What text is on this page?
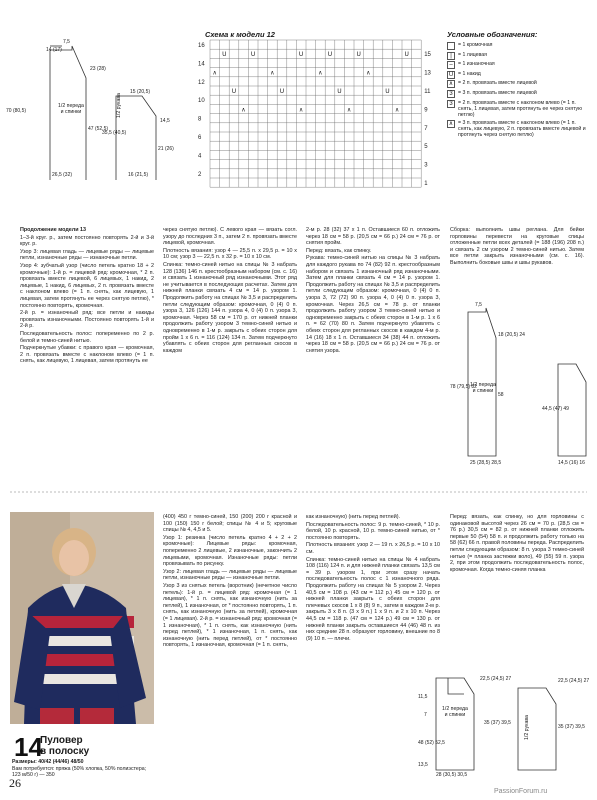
7,5
14 (17)
23 (28)
70 (80,5)
47 (52,5)
26,5 (32)
15 (20,5)
14,5
35,5 (40,5)
21 (26)
16 (21,5)
1/2 переда и спинки	1/2 рукава
Схема к модели 12
16
14
12
10
8
6
4
2
15
13
11
9
7
5
3
1
U	U	U	U	U	U
∧	∧	∧	∧
U	U	U	U
∧	∧	∧	∧
Условные обозначения:
= 1 кромочная
|	= 1 лицевая
–	= 1 изнаночная
U = 1 накид
∧ = 2 п. провязать вместе лицевой
3	= 3 п. провязать вместе лицевой
3	= 2 п. провязать вместе с наклоном влево (= 1 п. снять, 1 лицевая, затем протянуть ее через снятую петлю)
∧ = 3 п. провязать вместе с наклоном влево (= 1 п. снять, как лицевую, 2 п. провязать вместе лицевой и протянуть через снятую петлю)

Продолжение модели 13

1–3-й круг. р., затем постоянно повторять 2-й и 3-й круг. р.

Узор 3: лицевая гладь — лицевые ряды — лицевые петли, изнаночные ряды — изнаночные петли.

Узор 4: зубчатый узор (число петель кратно 18 + 2 кромочные): 1-й р. = лицевой ряд: кромочная, * 2 п. провязать вместе лицевой, 6 лицевых, 1 накид, 2 лицевые, 1 накид, 6 лицевых, 2 п. провязать вместе с наклоном влево (= 1 п. снять, как лицевую, 1 лицевая, затем протянуть ее через снятую петлю), * постоянно повторять, кромочная.

2-й р. = изнаночный ряд: все петли и накиды провязать изнаночными. Постоянно повторять 1-й и 2-й р.

Последовательность полос: попеременно по 2 р. белой и темно-синей нитью.

Подчеркнутые убавки: с правого края — кромочная, 2 п. провязать вместе с наклоном влево (= 1 п. снять, как лицевую, 1 лицевая, затем протянуть ее

через снятую петлю). С левого края — вязать согл. узору до последних 3 п., затем 2 п. провязать вместе лицевой, кромочная.

Плотность вязания: узор 4 — 25,5 п. x 29,5 р. = 10 x 10 см; узор 3 — 22,5 п. x 32 р. = 10 x 10 см.

Спинка: темно-синей нитью на спицы № 3 набрать 128 (136) 146 п. крестообразным набором (см. с. 16) и связать 1 изнаночный ряд изнаночными. Этот ряд не учитывается в последующих расчетах. Затем для нижней планки связать 4 см = 14 р. узором 1. Продолжить работу на спицах № 3,5 и распределить петли следующим образом: кромочная, 0 (4) 0 п. узора 3, 126 (126) 144 п. узора 4, 0 (4) 0 п. узора 3, кромочная. Через 58 см = 170 р. от нижней планки продолжить работу узором 3 темно-синей нитью и одновременно в 1-м р. закрыть с обеих сторон для пройм 1 x 6 п. = 116 (124) 134 п. Затем подчеркнуто убавлять с обеих сторон для регланных скосов в каждом

2-м р. 28 (32) 37 x 1 п. Оставшиеся 60 п. отложить через 18 см = 58 р. (20,5 см = 66 р.) 24 см = 76 р. от снятия пройм.

Перед: вязать, как спинку.

Рукава: темно-синей нитью на спицы № 3 набрать для каждого рукава по 74 (82) 92 п. крестообразным набором и связать 1 изнаночный ряд изнаночными. Затем для планки связать 4 см = 14 р. узором 1. Продолжить работу на спицах № 3,5 и распределить петли следующим образом: кромочная, 0 (4) 0 п. узора 3, 72 (72) 90 п. узора 4, 0 (4) 0 п. узора 3, кромочная. Через 26,5 см = 78 р. от планки продолжить работу узором 3 темно-синей нитью и одновременно закрыть с обеих сторон в 1-м р. 1 x 6 п. = 62 (70) 80 п. Затем подчеркнуто убавлять с обеих сторон для регланных скосов в каждом 4-м р. 14 (16) 18 x 1 п. Оставшиеся 34 (38) 44 п. отложить через 18 см = 58 р. (20,5 см = 66 р.) 24 см = 76 р. от снятия узора.

Сборка: выполнить швы реглана. Для бейки горловины перевести на круговые спицы отложенные петли всех деталей (= 188 (196) 208 п.) и связать 2 см узором 2 темно-синей нитью. Затем все петли закрыть изнаночными (см. с. 16). Выполнить боковые швы и швы рукавов.

7,5
18 (20,5) 24
78 (79,5) 82
58
25 (28,5) 28,5
44,5 (47) 49
14,5 (16) 16
1/2 переда и спинки
14
Пуловер
в полоску
Размеры: 40/42 (44/46) 48/50
Вам потребуется: пряжа (50% хлопка, 50% полиэстера; 123 м/50 г) — 350

(400) 450 г темно-синей, 150 (200) 200 г красной и 100 (150) 150 г белой; спицы № 4 и 5; круговые спицы № 4, 4,5 и 5.

Узор 1: резинка (число петель кратно 4 + 2 + 2 кромочные): Лицевые ряды: кромочная, попеременно 2 лицевые, 2 изнаночные, закончить 2 лицевыми, кромочная. Изнаночные ряды: петли провязывать по рисунку.

Узор 2: лицевая гладь — лицевые ряды — лицевые петли, изнаночные ряды — изнаночные петли.

Узор 3 из снятых петель (воротник) (нечетное число петель): 1-й р. = лицевой ряд: кромочная (= 1 лицевая), * 1 п. снять, как изнаночную (нить за петлей), 1 изнаночная, от * постоянно повторять, 1 п. снять, как изнаночную (нить за петлей), кромочная (= 1 лицевая). 2-й р. = изнаночный ряд: кромочная (= 1 изнаночная), * 1 п. снять, как изнаночную (нить перед петлей), * 1 изнаночная, 1 п. снять, как изнаночную (нить перед петлей), от * постоянно повторять, 1 изнаночная, кромочная (= 1 п. снять,

как изнаночную) (нить перед петлей).

Последовательность полос: 9 р. темно-синей, * 10 р. белой, 10 р. красной, 10 р. темно-синей нитью, от * постоянно повторять.

Плотность вязания: узор 2 — 19 п. x 26,5 р. = 10 x 10 см.

Спинка: темно-синей нитью на спицы № 4 набрать 108 (116) 124 п. и для нижней планки связать 13,5 см = 39 р. узором 1, при этом сразу начать последовательность полос с 1 изнаночного ряда. Продолжить работу на спицах № 5 узором 2. Через 40,5 см = 108 р. (43 см = 112 р.) 45 см = 120 р. от нижней планки закрыть с обеих сторон для плечевых скосов 1 x 8 (8) 9 п., затем в каждом 2-м р. закрыть 3 x 8 п. (3 x 9 п.) 1 x 9 п. и 2 x 10 п. Через 44,5 см = 118 р. (47 см = 124 р.) 49 см = 130 р. от нижней планки закрыть оставшиеся 44 (46) 48 п. из них средние 28 п. образуют горловину, внешние по 8 (9) 10 п. — плечи.

Перед: вязать, как спинку, но для горловины с одинаковой высотой через 26 см = 70 р. (28,5 см = 76 р.) 30,5 см = 82 р. от нижней планки отложить первые 50 (54) 58 п. и продолжить работу только на 58 (62) 66 п. правой половины переда. Распределить петли следующим образом: 8 п. узора 3 темно-синей нитью (= планка застежки воло), 49 (55) 59 п. узора 2, при этом продолжить последовательность полос, кромочная. Когда темно-синяя планка

11,5
7
48 (52) 52,5
13,5
28 (30,5) 30,5
22,5 (24,5) 27
35 (37) 39,5
22,5 (24,5) 27
35 (37) 39,5
1/2 переда и спинки	1/2 рукава
26
PassionForum.ru
